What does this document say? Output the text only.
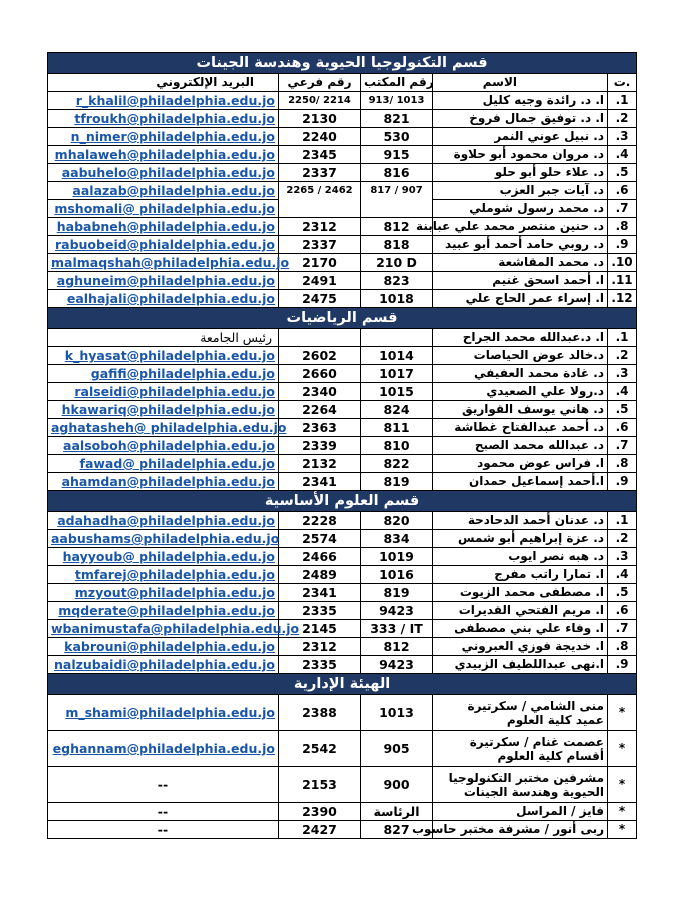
قسم التكنولوجيا الحيوية وهندسة الجينات				
البريد الإلكتروني	رقم فرعي	رقم المكتب	الاسم	ت.
r_khalil@philadelphia.edu.jo	2250/ 2214	913/ 1013	ا. د. رائدة وجيه كليل	.1
tfroukh@philadelphia.edu.jo	2130	821	ا. د. توفيق جمال فروخ	.2
n_nimer@philadelphia.edu.jo	2240	530	د. نبيل عوني النمر	.3
mhalaweh@philadelphia.edu.jo	2345	915	د. مروان محمود أبو حلاوة	.4
aabuhelo@philadelphia.edu.jo	2337	816	د. علاء حلو أبو حلو	.5
aalazab@philadelphia.edu.jo	2265 / 2462	817 / 907	د. آيات جبر العزب	.6
mshomali@ philadelphia.edu.jo			د. محمد رسول شوملي	.7
hababneh@philadelphia.edu.jo	2312	812	د. حنين منتصر محمد علي عبابنة	.8
rabuobeid@phialdelphia.edu.jo	2337	818	د. روبي حامد أحمد أبو عبيد	.9
malmaqshah@philadelphia.edu.jo	2170	210 D	د. محمد المقاشعة	.10
aghuneim@philadelphia.edu.jo	2491	823	ا. أحمد اسحق غنيم	.11
ealhajali@philadelphia.edu.jo	2475	1018	ا. إسراء عمر الحاج علي	.12
قسم الرياضيات				
رئيس الجامعة			ا. د.عبدالله محمد الجراح	.1
k_hyasat@philadelphia.edu.jo	2602	1014	د.خالد عوض الحياصات	.2
gafifi@philadelphia.edu.jo	2660	1017	د. غادة محمد العفيفي	.3
ralseidi@philadelphia.edu.jo	2340	1015	د.رولا علي الصعيدي	.4
hkawariq@philadelphia.edu.jo	2264	824	د. هاني يوسف القواريق	.5
aghatasheh@ philadelphia.edu.jo	2363	811	د. أحمد عبدالفتاح غطاشة	.6
aalsoboh@philadelphia.edu.jo	2339	810	د. عبدالله محمد الصبح	.7
fawad@ philadelphia.edu.jo	2132	822	ا. فراس عوض محمود	.8
ahamdan@philadelphia.edu.jo	2341	819	ا.أحمد إسماعيل حمدان	.9
قسم العلوم الأساسية				
adahadha@philadelphia.edu.jo	2228	820	د. عدنان أحمد الدحادحة	.1
aabushams@philadelphia.edu.jo	2574	834	د. عزة إبراهيم أبو شمس	.2
hayyoub@ philadelphia.edu.jo	2466	1019	د. هبه نصر ايوب	.3
tmfarej@philadelphia.edu.jo	2489	1016	ا. تمارا راتب مفرج	.4
mzyout@philadelphia.edu.jo	2341	819	ا. مصطفى محمد الزيوت	.5
mqderate@philadelphia.edu.jo	2335	9423	ا. مريم الفتحي القديرات	.6
wbanimustafa@philadelphia.edu.jo	2145	333 / IT	ا. وفاء علي بني مصطفى	.7
kabrouni@philadelphia.edu.jo	2312	812	ا. خديجة فوزي العبروني	.8
nalzubaidi@philadelphia.edu.jo	2335	9423	ا.نهى عبداللطيف الزبيدي	.9
الهيئة الإدارية				
m_shami@philadelphia.edu.jo	2388	1013	منى الشامي / سكرتيرة عميد كلية العلوم	*
eghannam@philadelphia.edu.jo	2542	905	عصمت غنام / سكرتيرة أقسام كلية العلوم	*
--	2153	900	مشرفين مختبر التكنولوجيا الحيوية وهندسة الجينات	*
--	2390	الرئاسة	فايز / المراسل	*
--	2427	827	ربى أنور / مشرفة مختبر حاسوب	*
